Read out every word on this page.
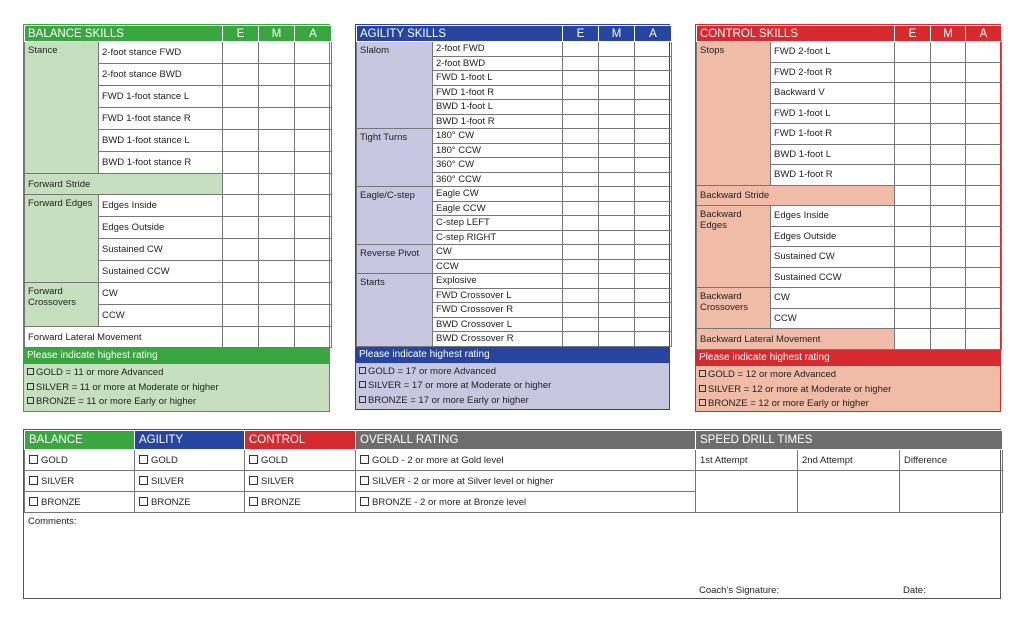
BALANCE SKILLS		E	M	A
Stance	2-foot stance FWD			
	2-foot stance BWD			
	FWD 1-foot stance L			
	FWD 1-foot stance R			
	BWD 1-foot stance L			
	BWD 1-foot stance R			
Forward Stride				
Forward Edges	Edges Inside			
	Edges Outside			
	Sustained CW			
	Sustained CCW			
Forward Crossovers	CW			
	CCW			
Forward Lateral Movement				
Please indicate highest rating
GOLD = 11 or more Advanced
SILVER = 11 or more at Moderate or higher
BRONZE = 11 or more Early or higher
AGILITY SKILLS		E	M	A
Slalom	2-foot FWD			
	2-foot BWD			
	FWD 1-foot L			
	FWD 1-foot R			
	BWD 1-foot L			
	BWD 1-foot R			
Tight Turns	180° CW			
	180° CCW			
	360° CW			
	360° CCW			
Eagle/C-step	Eagle CW			
	Eagle CCW			
	C-step LEFT			
	C-step RIGHT			
Reverse Pivot	CW			
	CCW			
Starts	Explosive			
	FWD Crossover L			
	FWD Crossover R			
	BWD Crossover L			
	BWD Crossover R			
Please indicate highest rating
GOLD = 17 or more Advanced
SILVER = 17 or more at Moderate or higher
BRONZE = 17 or more Early or higher
CONTROL SKILLS		E	M	A
Stops	FWD 2-foot L			
	FWD 2-foot R			
	Backward V			
	FWD 1-foot L			
	FWD 1-foot R			
	BWD 1-foot L			
	BWD 1-foot R			
Backward Stride				
Backward Edges	Edges Inside			
	Edges Outside			
	Sustained CW			
	Sustained CCW			
Backward Crossovers	CW			
	CCW			
Backward Lateral Movement				
Please indicate highest rating
GOLD = 12 or more Advanced
SILVER = 12 or more at Moderate or higher
BRONZE = 12 or more Early or higher
BALANCE	AGILITY	CONTROL	OVERALL RATING	SPEED DRILL TIMES		
GOLD	GOLD	GOLD	GOLD - 2 or more at Gold level	1st Attempt	2nd Attempt	Difference
SILVER	SILVER	SILVER	SILVER - 2 or more at Silver level or higher			
BRONZE	BRONZE	BRONZE	BRONZE - 2 or more at Bronze level			
Comments:
Coach’s Signature:	Date:
